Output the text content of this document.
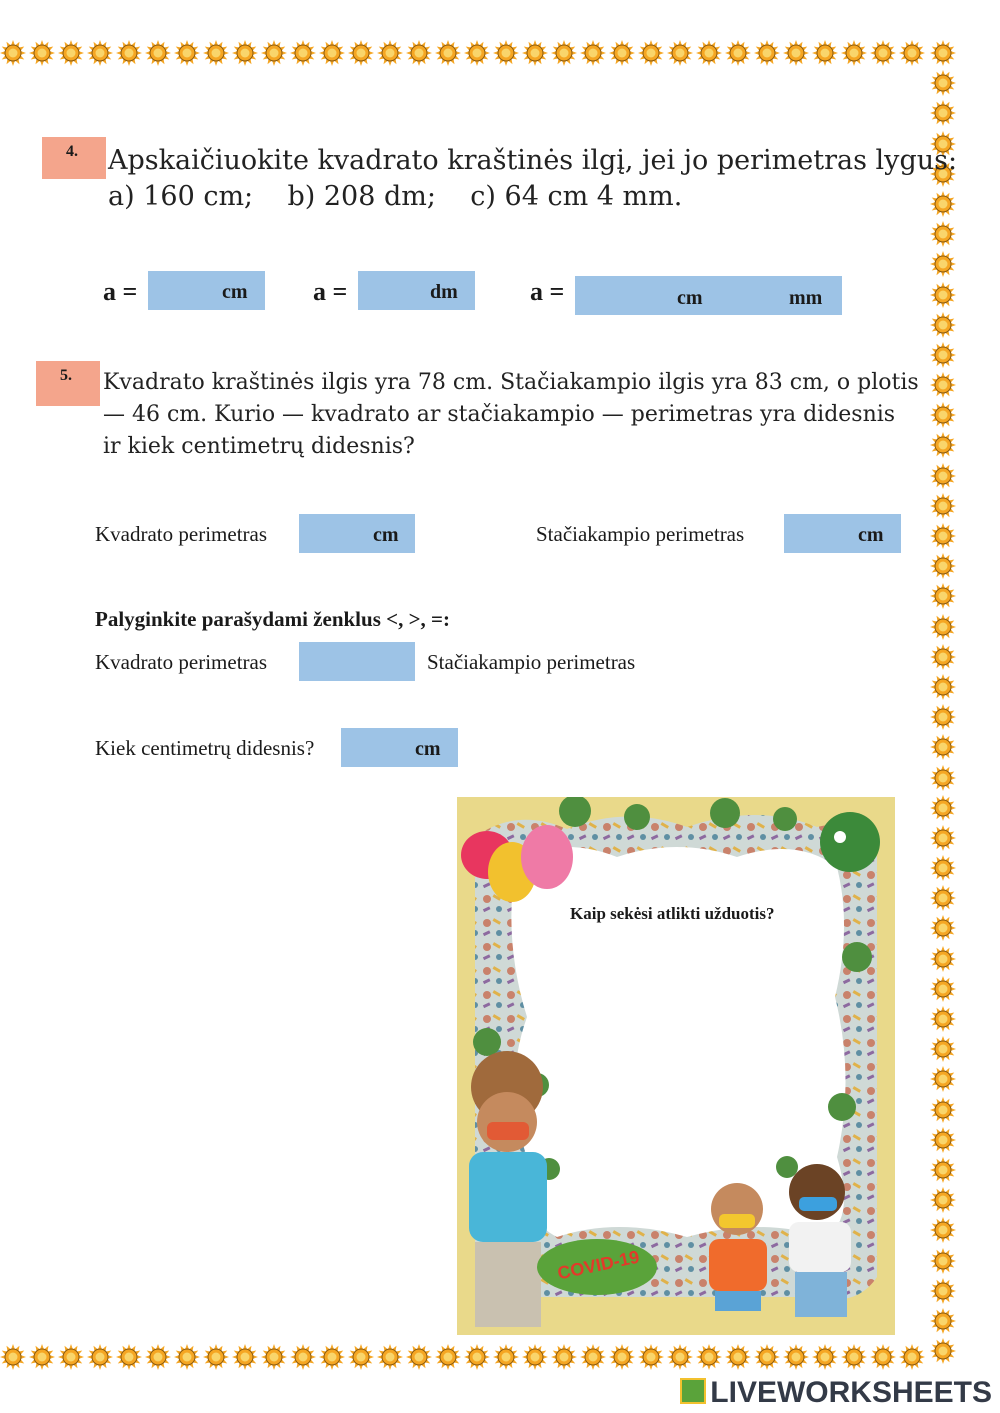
4.	Apskaičiuokite kvadrato kraštinės ilgį, jei jo perimetras lygus:
a) 160 cm;    b) 208 dm;    c) 64 cm 4 mm.
a =	cm	a =	dm	a =	cm	mm
5.	Kvadrato kraštinės ilgis yra 78 cm. Stačiakampio ilgis yra 83 cm, o plotis
— 46 cm. Kurio — kvadrato ar stačiakampio — perimetras yra didesnis
ir kiek centimetrų didesnis?
Kvadrato perimetras	cm	Stačiakampio perimetras	cm
Palyginkite parašydami ženklus <, >, =:
Kvadrato perimetras	Stačiakampio perimetras
Kiek centimetrų didesnis?	cm
Kaip sekėsi atlikti užduotis?
COVID-19
LIVEWORKSHEETS
